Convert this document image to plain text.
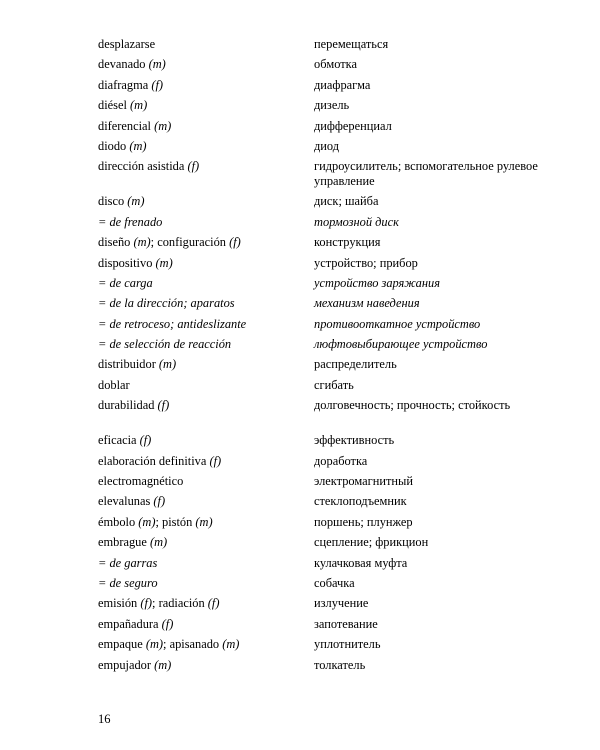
desplazarse
devanado (m)
diafragma (f)
diésel (m)
diferencial (m)
diodo (m)
dirección asistida (f)
disco (m)
= de frenado
diseño (m); configuración (f)
dispositivo (m)
= de carga
= de la dirección; aparatos
= de retroceso; antideslizante
= de selección de reacción
distribuidor (m)
doblar
durabilidad (f)
eficacia (f)
elaboración definitiva (f)
electromagnético
elevalunas (f)
émbolo (m); pistón (m)
embrague (m)
= de garras
= de seguro
emisión (f); radiación (f)
empañadura (f)
empaque (m); apisanado (m)
empujador (m)
перемещаться
обмотка
диафрагма
дизель
дифференциал
диод
гидроусилитель; вспомогательное рулевое управление
диск; шайба
тормозной диск
конструкция
устройство; прибор
устройство заряжания
механизм наведения
противооткатное устройство
люфтовыбирающее устройство
распределитель
сгибать
долговечность; прочность; стойкость
эффективность
доработка
электромагнитный
стеклоподъемник
поршень; плунжер
сцепление; фрикцион
кулачковая муфта
собачка
излучение
запотевание
уплотнитель
толкатель
16
